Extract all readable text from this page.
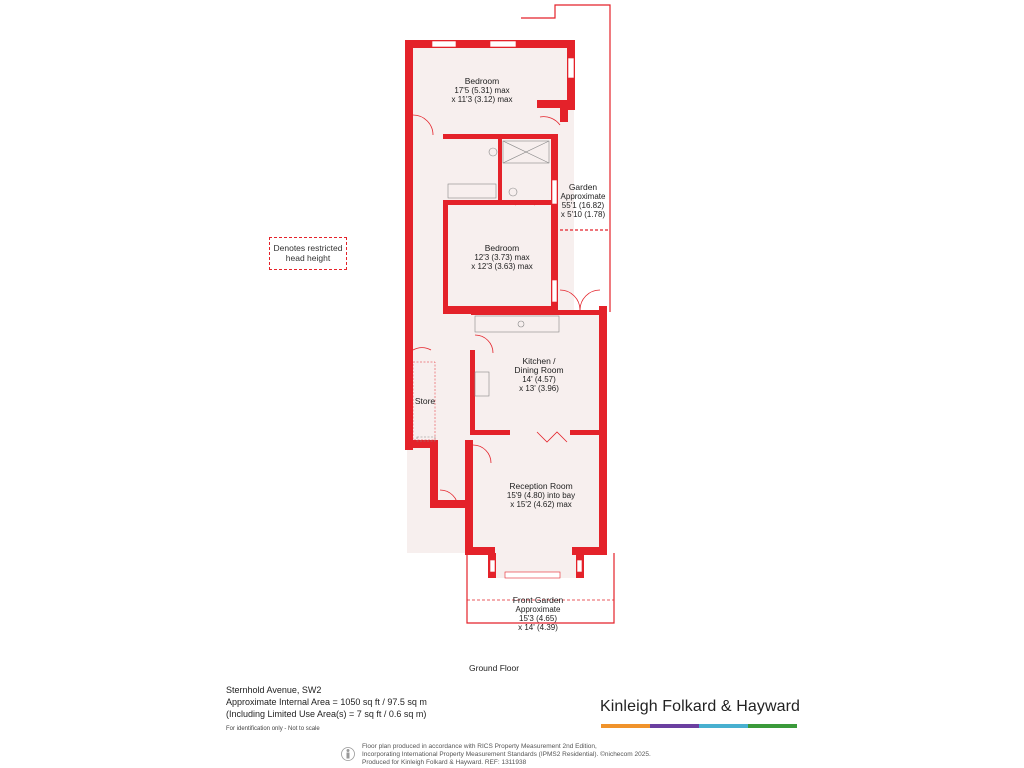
Bedroom
17'5 (5.31) max
x 11'3 (3.12) max
Bedroom
12'3 (3.73) max
x 12'3 (3.63) max
Kitchen /
Dining Room
14' (4.57)
x 13' (3.96)
Reception Room
15'9 (4.80) into bay
x 15'2 (4.62) max
Store
Garden
Approximate
55'1 (16.82)
x 5'10 (1.78)
Front Garden
Approximate
15'3 (4.65)
x 14' (4.39)
Denotes restricted
head height
Ground Floor
Sternhold Avenue, SW2
Approximate Internal Area = 1050 sq ft / 97.5 sq m
(Including Limited Use Area(s) = 7 sq ft / 0.6 sq m)
For identification only - Not to scale
Kinleigh Folkard & Hayward
Floor plan produced in accordance with RICS Property Measurement 2nd Edition,
Incorporating International Property Measurement Standards (IPMS2 Residential). ©nichecom 2025.
Produced for Kinleigh Folkard & Hayward. REF: 1311938
